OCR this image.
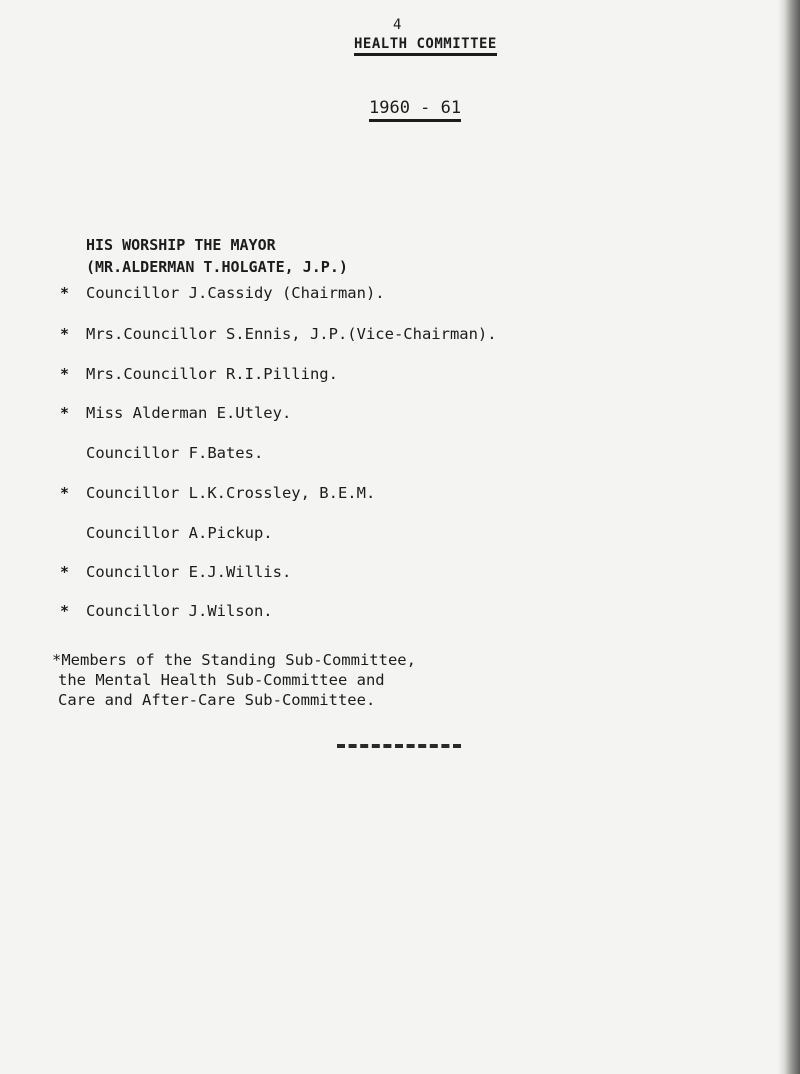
4
HEALTH COMMITTEE
1960 - 61
HIS WORSHIP THE MAYOR
(MR.ALDERMAN T.HOLGATE, J.P.)
* Councillor J.Cassidy (Chairman).
* Mrs.Councillor S.Ennis, J.P.(Vice-Chairman).
* Mrs.Councillor R.I.Pilling.
* Miss Alderman E.Utley.
Councillor F.Bates.
* Councillor L.K.Crossley, B.E.M.
Councillor A.Pickup.
* Councillor E.J.Willis.
* Councillor J.Wilson.
*Members of the Standing Sub-Committee,
the Mental Health Sub-Committee and
Care and After-Care Sub-Committee.
